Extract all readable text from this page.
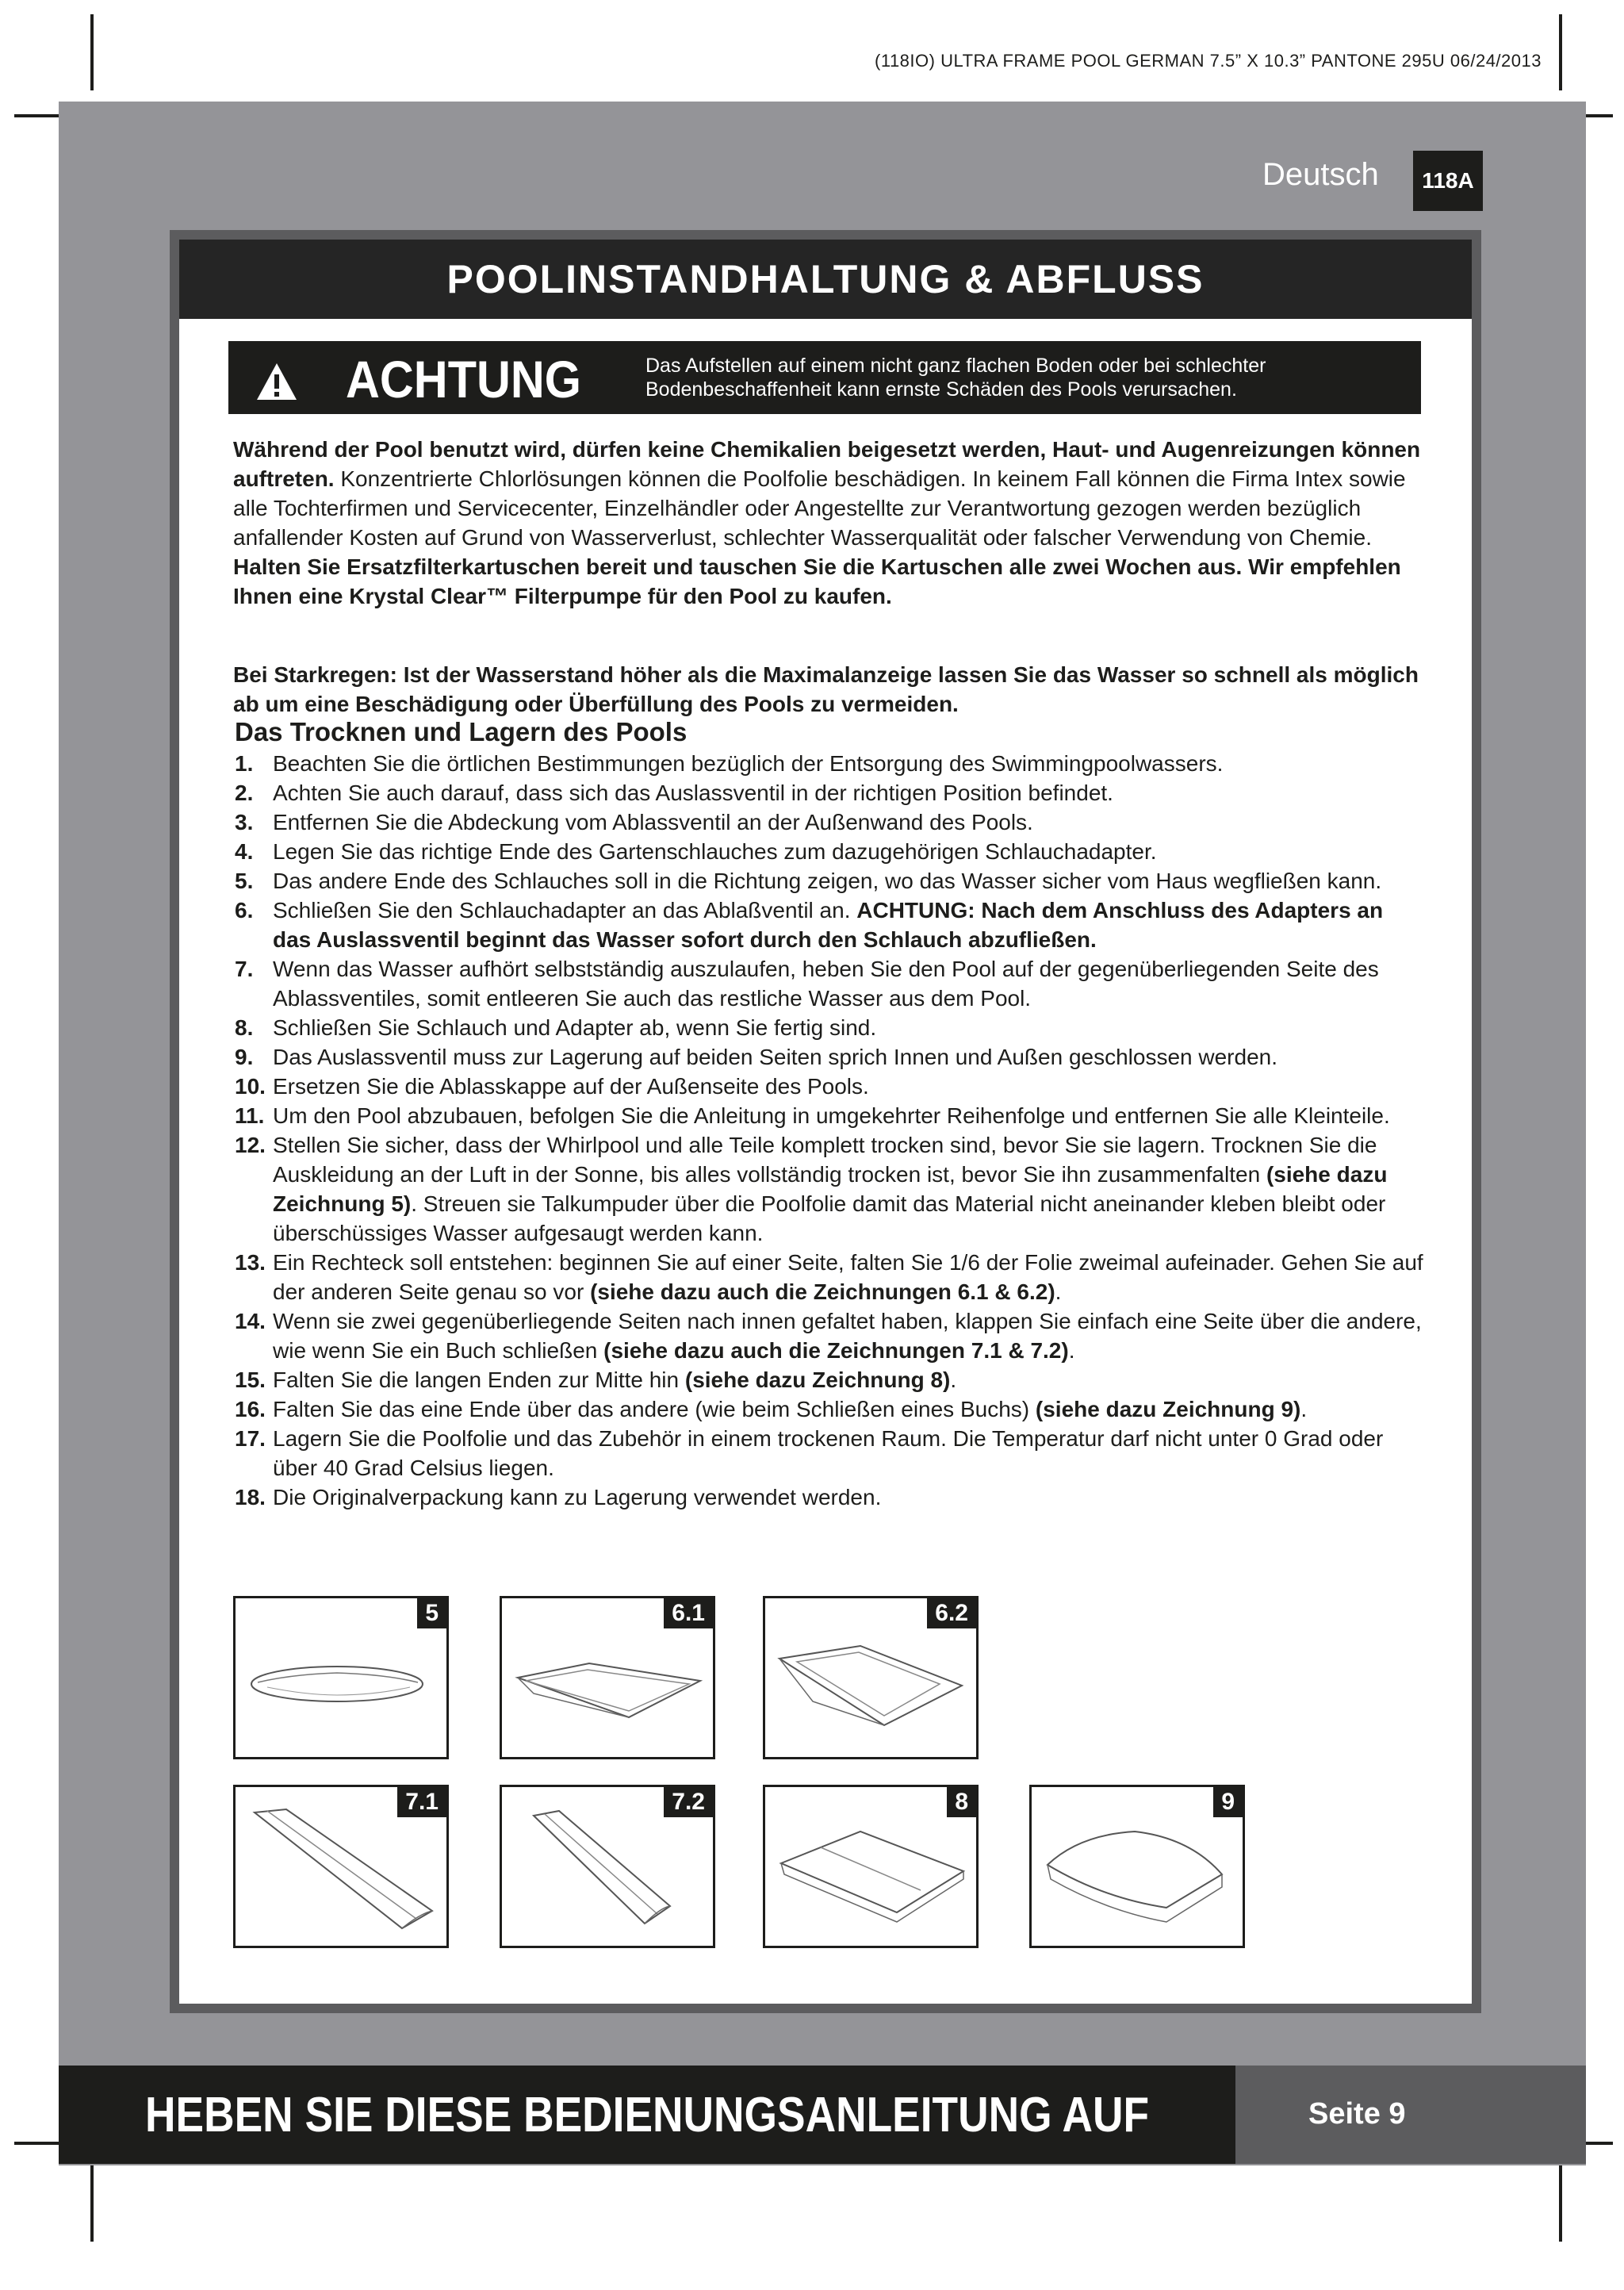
(118IO) ULTRA FRAME POOL GERMAN 7.5” X 10.3” PANTONE 295U 06/24/2013
Deutsch	118A
POOLINSTANDHALTUNG & ABFLUSS
ACHTUNG	Das Aufstellen auf einem nicht ganz flachen Boden oder bei schlechter Bodenbeschaffenheit kann ernste Schäden des Pools verursachen.
Während der Pool benutzt wird, dürfen keine Chemikalien beigesetzt werden, Haut- und Augenreizungen können auftreten. Konzentrierte Chlorlösungen können die Poolfolie beschädigen. In keinem Fall können die Firma Intex sowie alle Tochterfirmen und Servicecenter, Einzelhändler oder Angestellte zur Verantwortung gezogen werden bezüglich anfallender Kosten auf Grund von Wasserverlust, schlechter Wasserqualität oder falscher Verwendung von Chemie. Halten Sie Ersatzfilterkartuschen bereit und tauschen Sie die Kartuschen alle zwei Wochen aus. Wir empfehlen Ihnen eine Krystal Clear™ Filterpumpe für den Pool zu kaufen.
Bei Starkregen: Ist der Wasserstand höher als die Maximalanzeige lassen Sie das Wasser so schnell als möglich ab um eine Beschädigung oder Überfüllung des Pools zu vermeiden.
Das Trocknen und Lagern des Pools
1. Beachten Sie die örtlichen Bestimmungen bezüglich der Entsorgung des Swimmingpoolwassers.
2. Achten Sie auch darauf, dass sich das Auslassventil in der richtigen Position befindet.
3. Entfernen Sie die Abdeckung vom Ablassventil an der Außenwand des Pools.
4. Legen Sie das richtige Ende des Gartenschlauches zum dazugehörigen Schlauchadapter.
5. Das andere Ende des Schlauches soll in die Richtung zeigen, wo das Wasser sicher vom Haus wegfließen kann.
6. Schließen Sie den Schlauchadapter an das Ablaßventil an. ACHTUNG: Nach dem Anschluss des Adapters an das Auslassventil beginnt das Wasser sofort durch den Schlauch abzufließen.
7. Wenn das Wasser aufhört selbstständig auszulaufen, heben Sie den Pool auf der gegenüberliegenden Seite des Ablassventiles, somit entleeren Sie auch das restliche Wasser aus dem Pool.
8. Schließen Sie Schlauch und Adapter ab, wenn Sie fertig sind.
9. Das Auslassventil muss zur Lagerung auf beiden Seiten sprich Innen und Außen geschlossen werden.
10. Ersetzen Sie die Ablasskappe auf der Außenseite des Pools.
11. Um den Pool abzubauen, befolgen Sie die Anleitung in umgekehrter Reihenfolge und entfernen Sie alle Kleinteile.
12. Stellen Sie sicher, dass der Whirlpool und alle Teile komplett trocken sind, bevor Sie sie lagern. Trocknen Sie die Auskleidung an der Luft in der Sonne, bis alles vollständig trocken ist, bevor Sie ihn zusammenfalten (siehe dazu Zeichnung 5). Streuen sie Talkumpuder über die Poolfolie damit das Material nicht aneinander kleben bleibt oder überschüssiges Wasser aufgesaugt werden kann.
13. Ein Rechteck soll entstehen: beginnen Sie auf einer Seite, falten Sie 1/6 der Folie zweimal aufeinader. Gehen Sie auf der anderen Seite genau so vor (siehe dazu auch die Zeichnungen 6.1 & 6.2).
14. Wenn sie zwei gegenüberliegende Seiten nach innen gefaltet haben, klappen Sie einfach eine Seite über die andere, wie wenn Sie ein Buch schließen (siehe dazu auch die Zeichnungen 7.1 & 7.2).
15. Falten Sie die langen Enden zur Mitte hin (siehe dazu Zeichnung 8).
16. Falten Sie das eine Ende über das andere (wie beim Schließen eines Buchs) (siehe dazu Zeichnung 9).
17. Lagern Sie die Poolfolie und das Zubehör in einem trockenen Raum. Die Temperatur darf nicht unter 0 Grad oder über 40 Grad Celsius liegen.
18. Die Originalverpackung kann zu Lagerung verwendet werden.
5	6.1	6.2
7.1	7.2	8	9
HEBEN SIE DIESE BEDIENUNGSANLEITUNG AUF	Seite 9
